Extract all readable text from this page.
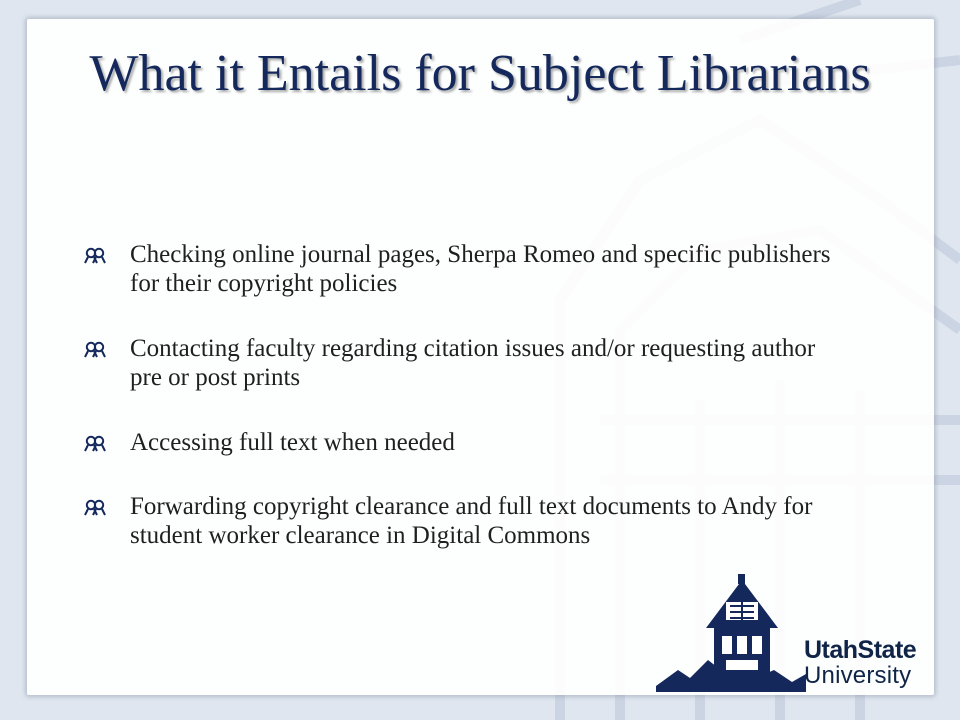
What it Entails for Subject Librarians
Checking online journal pages, Sherpa Romeo and specific publishers for their copyright policies
Contacting faculty regarding citation issues and/or requesting author pre or post prints
Accessing full text when needed
Forwarding copyright clearance and full text documents to Andy for student worker clearance in Digital Commons
UtahState
University
